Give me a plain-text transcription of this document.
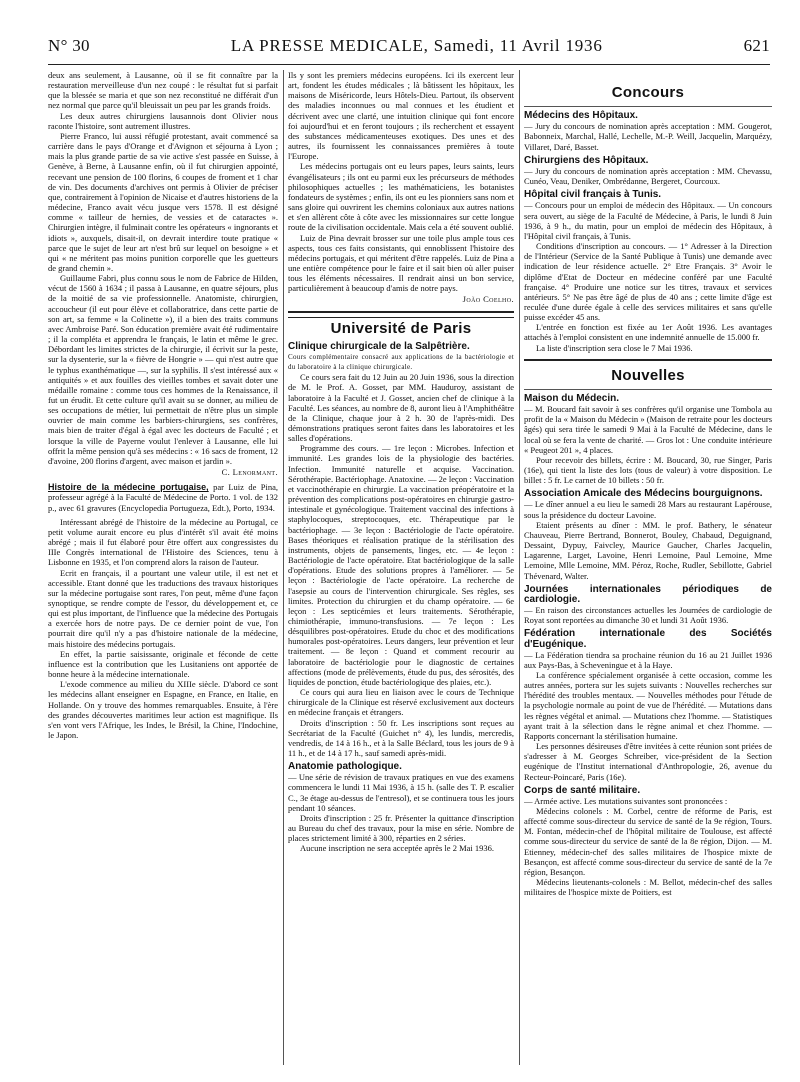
N° 30	LA PRESSE MEDICALE, Samedi, 11 Avril 1936	621

deux ans seulement, à Lausanne, où il se fit connaître par la restauration merveilleuse d'un nez coupé : le résultat fut si parfait que la blessée se maria et que son nez reconstitué ne différait d'un nez normal que parce qu'il bleuissait un peu par les grands froids.

Les deux autres chirurgiens lausannois dont Olivier nous raconte l'histoire, sont autrement illustres.

Pierre Franco, lui aussi réfugié protestant, avait commencé sa carrière dans le pays d'Orange et d'Avignon et séjourna à Lyon ; mais la plus grande partie de sa vie active s'est passée en Suisse, à Genève, à Berne, à Lausanne enfin, où il fut chirurgien appointé, recevant une pension de 100 florins, 6 coupes de froment et 1 char de vin. Des documents d'archives ont permis à Olivier de préciser que, contrairement à l'opinion de Nicaise et d'autres historiens de la médecine, Franco avait vécu jusque vers 1578. Il est désigné comme « tailleur de hernies, de vessies et de cataractes ». Chirurgien intègre, il fulminait contre les opérateurs « ingnorants et idiots », auxquels, disait-il, on devrait interdire toute pratique « parce que le sujet de leur art n'est brû sur lequel on besoigne » et qui « ne méritent pas moins punition corporelle que les guetteurs de grand chemin ».

Guillaume Fabri, plus connu sous le nom de Fabrice de Hilden, vécut de 1560 à 1634 ; il passa à Lausanne, en quatre séjours, plus de la moitié de sa vie professionnelle. Anatomiste, chirurgien, accoucheur (il eut pour élève et collaboratrice, dans cette partie de son art, sa femme « la Colinette »), il a bien des traits communs avec Ambroise Paré. Son éducation première avait été rudimentaire ; il la compléta et apprendra le français, le latin et même le grec. Débordant les limites strictes de la chirurgie, il écrivit sur la peste, sur la dysenterie, sur la « fièvre de Hongrie » — qui n'est autre que le typhus exanthématique —, sur la syphilis. Il s'est intéressé aux « antiquités » et aux fouilles des vieilles tombes et savait doter une médaille romaine : comme tous ces hommes de la Renaissance, il fut un érudit. Et cette culture qu'il avait su se donner, au milieu de ses occupations de métier, lui permettait de n'être plus un simple ouvrier de main comme les barbiers-chirurgiens, ses confrères, mais bien de traiter d'égal à égal avec les docteurs de Faculté ; et lorsque la ville de Payerne voulut l'enlever à Lausanne, elle lui offrit la même pension qu'à ses médecins : « 16 sacs de froment, 12 d'avoine, 200 florins d'argent, avec maison et jardin ».

C. Lenormant.

Histoire de la médecine portugaise, par Luiz de Pina, professeur agrégé à la Faculté de Médecine de Porto. 1 vol. de 132 p., avec 61 gravures (Encyclopedia Portugueza, Edt.), Porto, 1934.

Intéressant abrégé de l'histoire de la médecine au Portugal, ce petit volume aurait encore eu plus d'intérêt s'il avait été moins abrégé ; mais il fut élaboré pour être offert aux congressistes du IIIe Congrès international de l'Histoire des Sciences, tenu à Lisbonne en 1935, et l'on comprend alors la raison de l'auteur.

Ecrit en français, il a pourtant une valeur utile, il est net et accessible. Etant donné que les traductions des travaux historiques sur la médecine portugaise sont rares, l'on peut, même d'une façon synoptique, se rendre compte de l'essor, du développement et, ce qui est plus important, de l'influence que la médecine des Portugais a exercée hors de notre pays. De ce dernier point de vue, l'on pourrait dire qu'il n'y a pas d'histoire nationale de la médecine, mais histoire des médecins portugais.

En effet, la partie saisissante, originale et féconde de cette influence est la contribution que les Lusitaniens ont apportée de bonne heure à la médecine internationale.

L'exode commence au milieu du XIIIe siècle. D'abord ce sont les médecins allant enseigner en Espagne, en France, en Italie, en Hollande. On y trouve des hommes remarquables. Ensuite, à l'ère des grandes découvertes maritimes leur action est magnifique. Ils s'en vont vers l'Afrique, les Indes, le Brésil, la Chine, l'Indochine, le Japon.

Ils y sont les premiers médecins européens. Ici ils exercent leur art, fondent les études médicales ; là bâtissent les hôpitaux, les maisons de Miséricorde, leurs Hôtels-Dieu. Partout, ils observent des maladies inconnues ou mal connues et les étudient et décrivent avec une clarté, une intuition clinique qui font encore foi aujourd'hui et en feront toujours ; ils recherchent et essayent des substances médicamenteuses exotiques. Des unes et des autres, ils fournissent les connaissances premières à toute l'Europe.

Les médecins portugais ont eu leurs papes, leurs saints, leurs évangélisateurs ; ils ont eu parmi eux les précurseurs de méthodes philosophiques actuelles ; les mathématiciens, les botanistes fondateurs de systèmes ; enfin, ils ont eu les pionniers sans nom et sans gloire qui ouvrirent les chemins coloniaux aux autres nations et s'en allèrent côte à côte avec les missionnaires sur cette longue route de la civilisation occidentale. Mais cela a été souvent oublié.

Luiz de Pina devrait brosser sur une toile plus ample tous ces aspects, tous ces faits consistants, qui ennoblissent l'histoire des médecins portugais, et qui méritent d'être rappelés. Luiz de Pina a une entière compétence pour le faire et il sait bien où aller puiser tous les éléments nécessaires. Il rendrait ainsi un bon service, particulièrement à beaucoup d'amis de notre pays.

João Coelho.
Université de Paris
Clinique chirurgicale de la Salpêtrière.

Cours complémentaire consacré aux applications de la bactériologie et du laboratoire à la clinique chirurgicale.

Ce cours sera fait du 12 Juin au 20 Juin 1936, sous la direction de M. le Prof. A. Gosset, par MM. Hauduroy, assistant de laboratoire à la Faculté et J. Gosset, ancien chef de clinique à la Faculté. Les séances, au nombre de 8, auront lieu à l'Amphithéâtre de la Clinique, chaque jour à 2 h. 30 de l'après-midi. Des démonstrations pratiques seront faites dans les laboratoires et les salles d'opérations.

Programme des cours. — 1re leçon : Microbes. Infection et immunité. Les grandes lois de la physiologie des bactéries. Infection. Immunité naturelle et acquise. Vaccination. Sérothérapie. Bactériophage. Anatoxine. — 2e leçon : Vaccination et vaccinothérapie en chirurgie. La vaccination préopératoire et la prévention des complications post-opératoires en chirurgie gastro-intestinale et gynécologique. Traitement vaccinal des infections à staphylocoques, streptocoques, etc. Thérapeutique par le bactériophage. — 3e leçon : Bactériologie de l'acte opératoire. Bases théoriques et réalisation pratique de la stérilisation des instruments, objets de pansements, linges, etc. — 4e leçon : Bactériologie de l'acte opératoire. Etat bactériologique de la salle d'opérations. Etude des solutions propres à l'améliorer. — 5e leçon : Bactériologie de l'acte opératoire. La recherche de l'asepsie au cours de l'intervention chirurgicale. Ses règles, ses limites. Protection du chirurgien et du champ opératoire. — 6e leçon : Les septicémies et leurs traitements. Sérothérapie, chimiothérapie, immuno-transfusions. — 7e leçon : Les désquilibres post-opératoires. Etude du choc et des modifications humorales post-opératoires. Leurs dangers, leur prévention et leur traitement. — 8e leçon : Quand et comment recourir au laboratoire de bactériologie pour le diagnostic de certaines affections (mode de prélèvements, étude du pus, des sérosités, des liquides de ponction, étude bactériologique des plaies, etc.).

Ce cours qui aura lieu en liaison avec le cours de Technique chirurgicale de la Clinique est réservé exclusivement aux docteurs en médecine français et étrangers.

Droits d'inscription : 50 fr. Les inscriptions sont reçues au Secrétariat de la Faculté (Guichet n° 4), les lundis, mercredis, vendredis, de 14 à 16 h., et à la Salle Béclard, tous les jours de 9 à 11 h., et de 14 à 17 h., sauf samedi après-midi.

Anatomie pathologique.

— Une série de révision de travaux pratiques en vue des examens commencera le lundi 11 Mai 1936, à 15 h. (salle des T. P. escalier C., 3e étage au-dessus de l'entresol), et se continuera tous les jours pendant 10 séances.

Droits d'inscription : 25 fr. Présenter la quittance d'inscription au Bureau du chef des travaux, pour la mise en série. Nombre de places strictement limité à 300, réparties en 2 séries.

Aucune inscription ne sera acceptée après le 2 Mai 1936.

Concours
Médecins des Hôpitaux.

— Jury du concours de nomination après acceptation : MM. Gougerot, Babonneix, Marchal, Hallé, Lechelle, M.-P. Weill, Jacquelin, Marquézy, Villaret, Daré, Basset.

Chirurgiens des Hôpitaux.

— Jury du concours de nomination après acceptation : MM. Chevassu, Cunéo, Veau, Deniker, Ombrédanne, Bergeret, Courcoux.

Hôpital civil français à Tunis.

— Concours pour un emploi de médecin des Hôpitaux. — Un concours sera ouvert, au siège de la Faculté de Médecine, à Paris, le lundi 8 Juin 1936, à 9 h., du matin, pour un emploi de médecin des Hôpitaux, à l'Hôpital civil français, à Tunis.

Conditions d'inscription au concours. — 1° Adresser à la Direction de l'Intérieur (Service de la Santé Publique à Tunis) une demande avec indication de leur résidence actuelle. 2° Etre Français. 3° Avoir le diplôme d'Etat de Docteur en médecine conféré par une Faculté française. 4° Produire une notice sur les titres, travaux et services antérieurs. 5° Ne pas être âgé de plus de 40 ans ; cette limite d'âge est reculée d'une durée égale à celle des services militaires et sans qu'elle puisse excéder 45 ans.

L'entrée en fonction est fixée au 1er Août 1936. Les avantages attachés à l'emploi consistent en une indemnité annuelle de 15.000 fr.

La liste d'inscription sera close le 7 Mai 1936.

Nouvelles
Maison du Médecin.

— M. Boucard fait savoir à ses confrères qu'il organise une Tombola au profit de la « Maison du Médecin » (Maison de retraite pour les docteurs âgés) qui sera tirée le samedi 9 Mai à la Faculté de Médecine, dans le local où se fera la vente de charité. — Gros lot : Une conduite intérieure « Peugeot 201 », 4 places.

Pour recevoir des billets, écrire : M. Boucard, 30, rue Singer, Paris (16e), qui tient la liste des lots (tous de valeur) à votre disposition. Le billet : 5 fr. Le carnet de 10 billets : 50 fr.

Association Amicale des Médecins bourguignons.

— Le dîner annuel a eu lieu le samedi 28 Mars au restaurant Lapérouse, sous la présidence du docteur Lavoine.

Etaient présents au dîner : MM. le prof. Bathery, le sénateur Chauveau, Pierre Bertrand, Bonnerot, Bouley, Chabaud, Deguignand, Dessaint, Dypuy, Faivcley, Maurice Gaucher, Charles Jacquelin, Lagarenne, Larget, Lavoine, Henri Lemoine, Paul Lemoine, Mme Lemoine, Mlle Lemoine, MM. Péroz, Roche, Rudler, Sebillotte, Gabriel Thévenard, Walter.

Journées internationales périodiques de cardiologie.

— En raison des circonstances actuelles les Journées de cardiologie de Royat sont reportées au dimanche 30 et lundi 31 Août 1936.

Fédération internationale des Sociétés d'Eugénique.

— La Fédération tiendra sa prochaine réunion du 16 au 21 Juillet 1936 aux Pays-Bas, à Scheveningue et à la Haye.

La conférence spécialement organisée à cette occasion, comme les autres années, portera sur les sujets suivants : Nouvelles recherches sur l'hérédité des troubles mentaux. — Nouvelles méthodes pour l'étude de la psychologie normale au point de vue de l'hérédité. — Mutations dans les règnes végétal et animal. — Mutations chez l'homme. — Statistiques ayant trait à la sélection dans le règne animal et chez l'homme. — Rapports concernant la stérilisation humaine.

Les personnes désireuses d'être invitées à cette réunion sont priées de s'adresser à M. Georges Schreiber, vice-président de la Section eugénique de l'Institut international d'Anthropologie, 26, avenue du Recteur-Poincaré, Paris (16e).

Corps de santé militaire.

— Armée active. Les mutations suivantes sont prononcées :

Médecins colonels : M. Corbel, centre de réforme de Paris, est affecté comme sous-directeur du service de santé de la 9e région, Tours. M. Fontan, médecin-chef de l'hôpital militaire de Toulouse, est affecté comme sous-directeur du service de santé de la 8e région, Dijon. — M. Etienney, médecin-chef des salles militaires de l'hospice mixte de Besançon, est affecté comme sous-directeur du service de santé de la 7e région, Besançon.

Médecins lieutenants-colonels : M. Bellot, médecin-chef des salles militaires de l'hospice mixte de Poitiers, est
